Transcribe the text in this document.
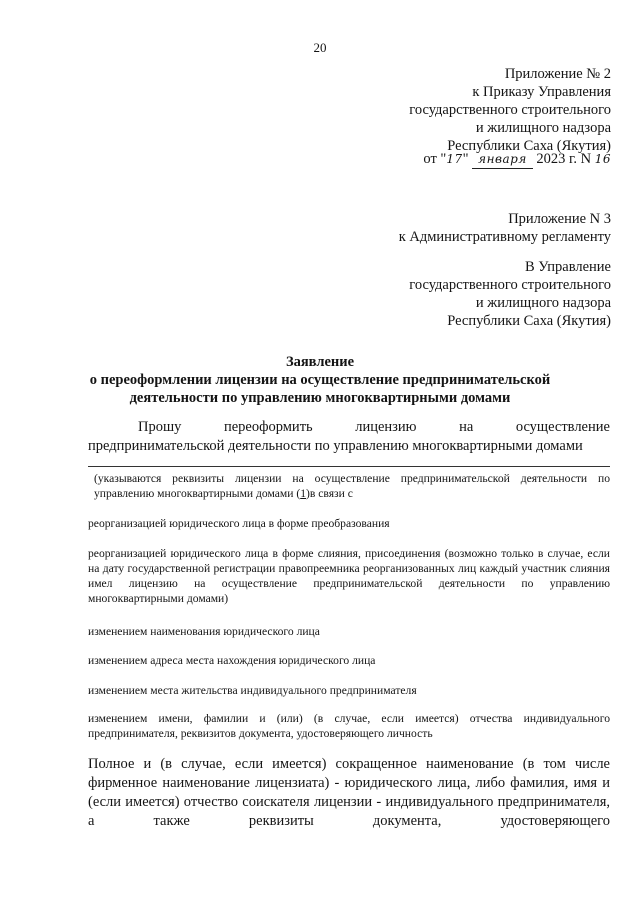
20
Приложение № 2
к Приказу Управления
государственного строительного
и жилищного надзора
Республики Саха (Якутия)
от "17" января 2023 г. N 16
Приложение N 3
к Административному регламенту
В Управление
государственного строительного
и жилищного надзора
Республики Саха (Якутия)
Заявление
о переоформлении лицензии на осуществление предпринимательской
деятельности по управлению многоквартирными домами
Прошу	переоформить	лицензию	на	осуществление
предпринимательской деятельности по управлению многоквартирными домами
(указываются реквизиты лицензии на осуществление предпринимательской деятельности по управлению многоквартирными домами (1)в связи с
реорганизацией юридического лица в форме преобразования
реорганизацией юридического лица в форме слияния, присоединения (возможно только в случае, если на дату государственной регистрации правопреемника реорганизованных лиц каждый участник слияния имел лицензию на осуществление предпринимательской деятельности по управлению многоквартирными домами)
изменением наименования юридического лица
изменением адреса места нахождения юридического лица
изменением места жительства индивидуального предпринимателя
изменением имени, фамилии и (или) (в случае, если имеется) отчества индивидуального предпринимателя, реквизитов документа, удостоверяющего личность
Полное и (в случае, если имеется) сокращенное наименование (в том числе фирменное наименование лицензиата) - юридического лица, либо фамилия, имя и (если имеется) отчество соискателя лицензии - индивидуального предпринимателя, а также реквизиты документа, удостоверяющего
